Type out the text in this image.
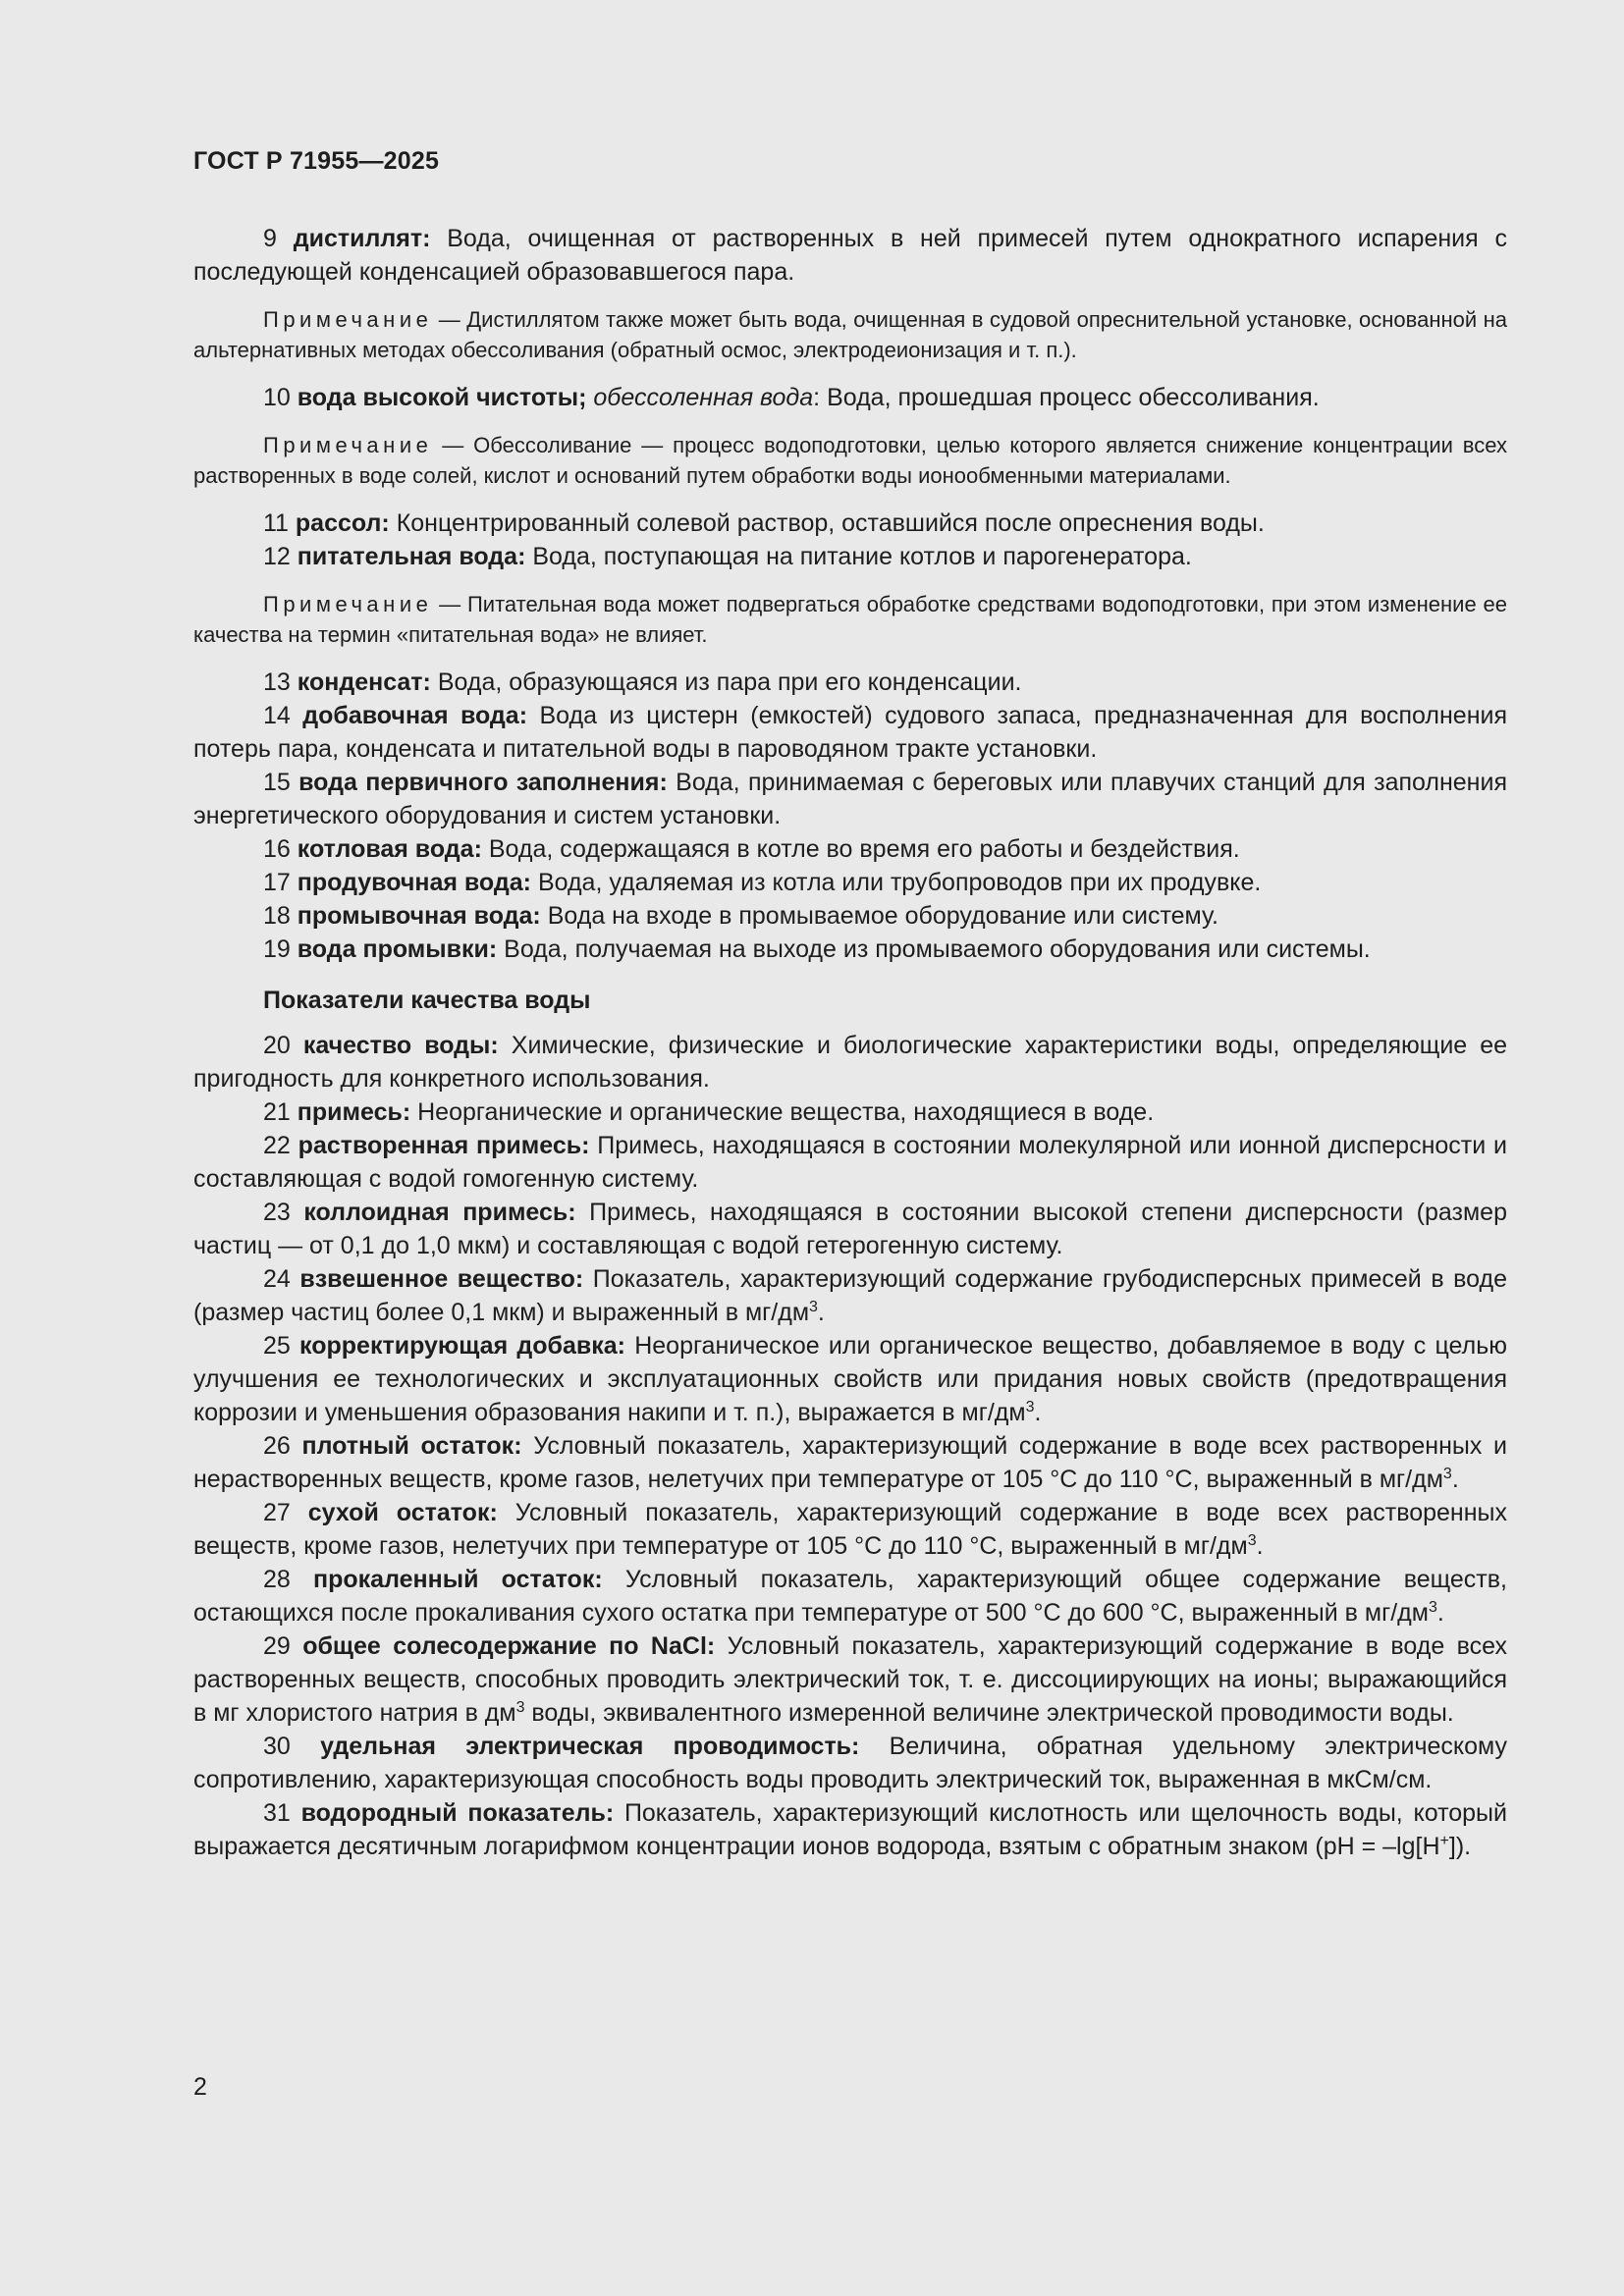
ГОСТ Р 71955—2025

9 дистиллят: Вода, очищенная от растворенных в ней примесей путем однократного испарения с последующей конденсацией образовавшегося пара.

Примечание — Дистиллятом также может быть вода, очищенная в судовой опреснительной установке, основанной на альтернативных методах обессоливания (обратный осмос, электродеионизация и т. п.).

10 вода высокой чистоты; обессоленная вода: Вода, прошедшая процесс обессоливания.

Примечание — Обессоливание — процесс водоподготовки, целью которого является снижение концентрации всех растворенных в воде солей, кислот и оснований путем обработки воды ионообменными материалами.

11 рассол: Концентрированный солевой раствор, оставшийся после опреснения воды.

12 питательная вода: Вода, поступающая на питание котлов и парогенератора.

Примечание — Питательная вода может подвергаться обработке средствами водоподготовки, при этом изменение ее качества на термин «питательная вода» не влияет.

13 конденсат: Вода, образующаяся из пара при его конденсации.

14 добавочная вода: Вода из цистерн (емкостей) судового запаса, предназначенная для восполнения потерь пара, конденсата и питательной воды в пароводяном тракте установки.

15 вода первичного заполнения: Вода, принимаемая с береговых или плавучих станций для заполнения энергетического оборудования и систем установки.

16 котловая вода: Вода, содержащаяся в котле во время его работы и бездействия.

17 продувочная вода: Вода, удаляемая из котла или трубопроводов при их продувке.

18 промывочная вода: Вода на входе в промываемое оборудование или систему.

19 вода промывки: Вода, получаемая на выходе из промываемого оборудования или системы.

Показатели качества воды

20 качество воды: Химические, физические и биологические характеристики воды, определяющие ее пригодность для конкретного использования.

21 примесь: Неорганические и органические вещества, находящиеся в воде.

22 растворенная примесь: Примесь, находящаяся в состоянии молекулярной или ионной дисперсности и составляющая с водой гомогенную систему.

23 коллоидная примесь: Примесь, находящаяся в состоянии высокой степени дисперсности (размер частиц — от 0,1 до 1,0 мкм) и составляющая с водой гетерогенную систему.

24 взвешенное вещество: Показатель, характеризующий содержание грубодисперсных примесей в воде (размер частиц более 0,1 мкм) и выраженный в $мг/дм^3$.

25 корректирующая добавка: Неорганическое или органическое вещество, добавляемое в воду с целью улучшения ее технологических и эксплуатационных свойств или придания новых свойств (предотвращения коррозии и уменьшения образования накипи и т. п.), выражается в $мг/дм^3$.

26 плотный остаток: Условный показатель, характеризующий содержание в воде всех растворенных и нерастворенных веществ, кроме газов, нелетучих при температуре от 105 °С до 110 °С, выраженный в $мг/дм^3$.

27 сухой остаток: Условный показатель, характеризующий содержание в воде всех растворенных веществ, кроме газов, нелетучих при температуре от 105 °С до 110 °С, выраженный в $мг/дм^3$.

28 прокаленный остаток: Условный показатель, характеризующий общее содержание веществ, остающихся после прокаливания сухого остатка при температуре от 500 °С до 600 °С, выраженный в $мг/дм^3$.

29 общее солесодержание по NaCl: Условный показатель, характеризующий содержание в воде всех растворенных веществ, способных проводить электрический ток, т. е. диссоциирующих на ионы; выражающийся в мг хлористого натрия в $дм^3$ воды, эквивалентного измеренной величине электрической проводимости воды.

30 удельная электрическая проводимость: Величина, обратная удельному электрическому сопротивлению, характеризующая способность воды проводить электрический ток, выраженная в мкСм/см.

31 водородный показатель: Показатель, характеризующий кислотность или щелочность воды, который выражается десятичным логарифмом концентрации ионов водорода, взятым с обратным знаком (pH = –lg[H+]).

2
